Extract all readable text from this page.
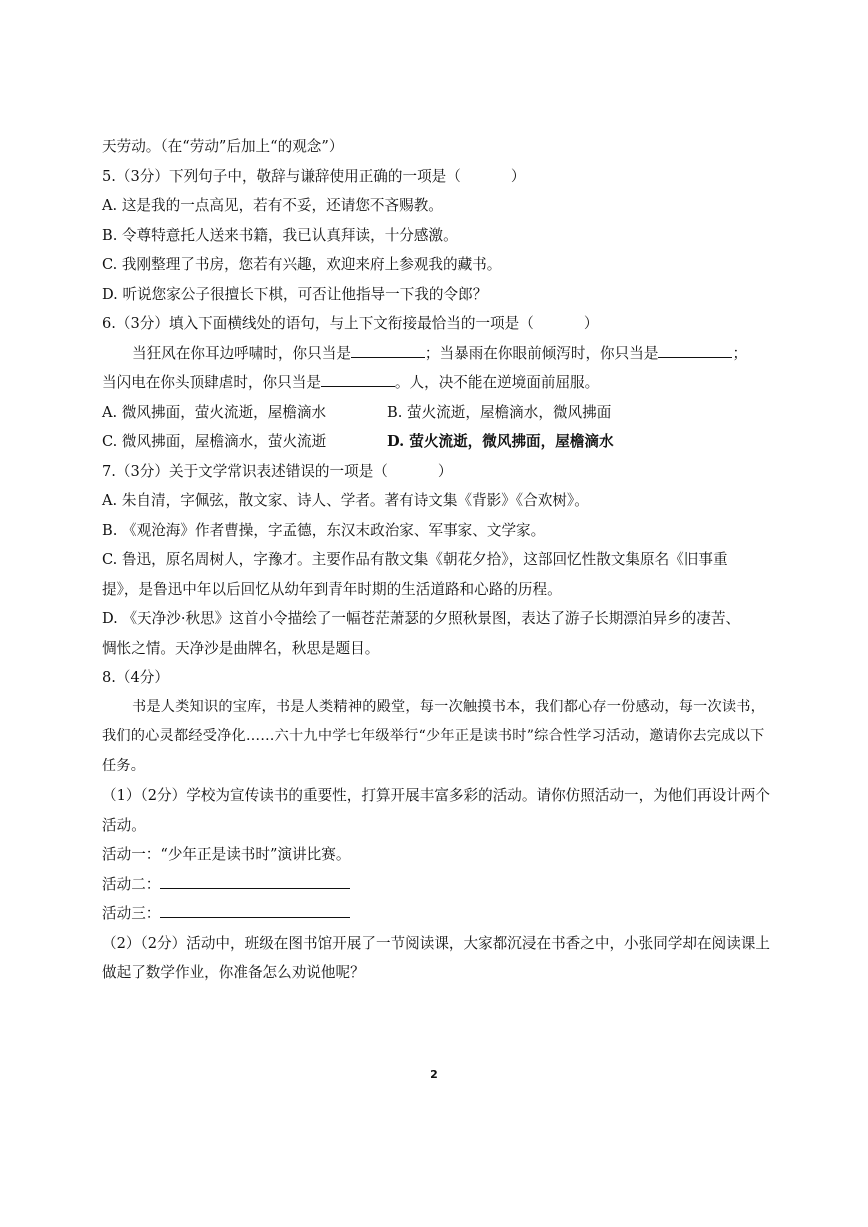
天劳动。（在“劳动”后加上“的观念”）
5.（3分）下列句子中，敬辞与谦辞使用正确的一项是（	）
A. 这是我的一点高见，若有不妥，还请您不吝赐教。
B. 令尊特意托人送来书籍，我已认真拜读，十分感激。
C. 我刚整理了书房，您若有兴趣，欢迎来府上参观我的藏书。
D. 听说您家公子很擅长下棋，可否让他指导一下我的令郎？
6.（3分）填入下面横线处的语句，与上下文衔接最恰当的一项是（	）
当狂风在你耳边呼啸时，你只当是	；当暴雨在你眼前倾泻时，你只当是	；
当闪电在你头顶肆虐时，你只当是	。人，决不能在逆境面前屈服。
A. 微风拂面，萤火流逝，屋檐滴水	B. 萤火流逝，屋檐滴水，微风拂面
C. 微风拂面，屋檐滴水，萤火流逝	D. 萤火流逝，微风拂面，屋檐滴水
7.（3分）关于文学常识表述错误的一项是（	）
A. 朱自清，字佩弦，散文家、诗人、学者。著有诗文集《背影》《合欢树》。
B. 《观沧海》作者曹操，字孟德，东汉末政治家、军事家、文学家。
C. 鲁迅，原名周树人，字豫才。主要作品有散文集《朝花夕拾》，这部回忆性散文集原名《旧事重
提》，是鲁迅中年以后回忆从幼年到青年时期的生活道路和心路的历程。
D. 《天净沙·秋思》这首小令描绘了一幅苍茫萧瑟的夕照秋景图，表达了游子长期漂泊异乡的凄苦、
惆怅之情。天净沙是曲牌名，秋思是题目。
8.（4分）
书是人类知识的宝库，书是人类精神的殿堂，每一次触摸书本，我们都心存一份感动，每一次读书，我们的心灵都经受净化……六十九中学七年级举行“少年正是读书时”综合性学习活动，邀请你去完成以下任务。
（1）（2分）学校为宣传读书的重要性，打算开展丰富多彩的活动。请你仿照活动一，为他们再设计两个活动。
活动一：“少年正是读书时”演讲比赛。
活动二：
活动三：
（2）（2分）活动中，班级在图书馆开展了一节阅读课，大家都沉浸在书香之中，小张同学却在阅读课上做起了数学作业，你准备怎么劝说他呢？
2
